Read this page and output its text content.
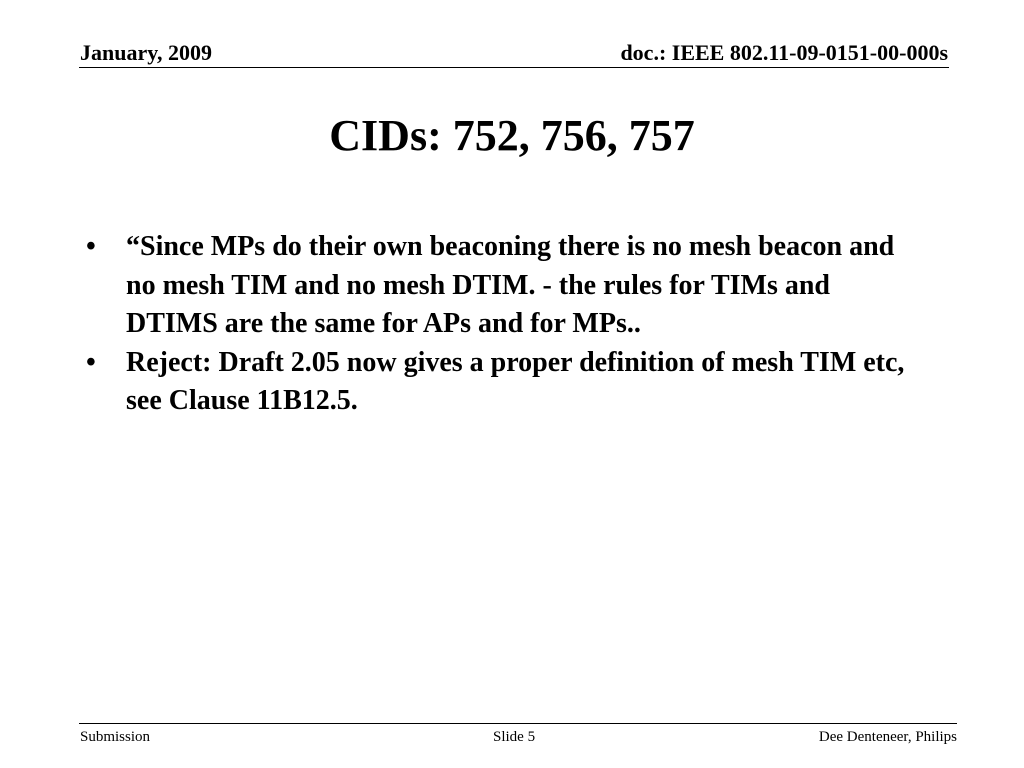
January, 2009	doc.: IEEE 802.11-09-0151-00-000s
CIDs: 752, 756, 757
• “Since MPs do their own beaconing there is no mesh beacon and no mesh TIM and no mesh DTIM. - the rules for TIMs and DTIMS are the same for APs and for MPs..
• Reject: Draft 2.05 now gives a proper definition of mesh TIM etc, see Clause 11B12.5.
Submission	Slide 5	Dee Denteneer, Philips
